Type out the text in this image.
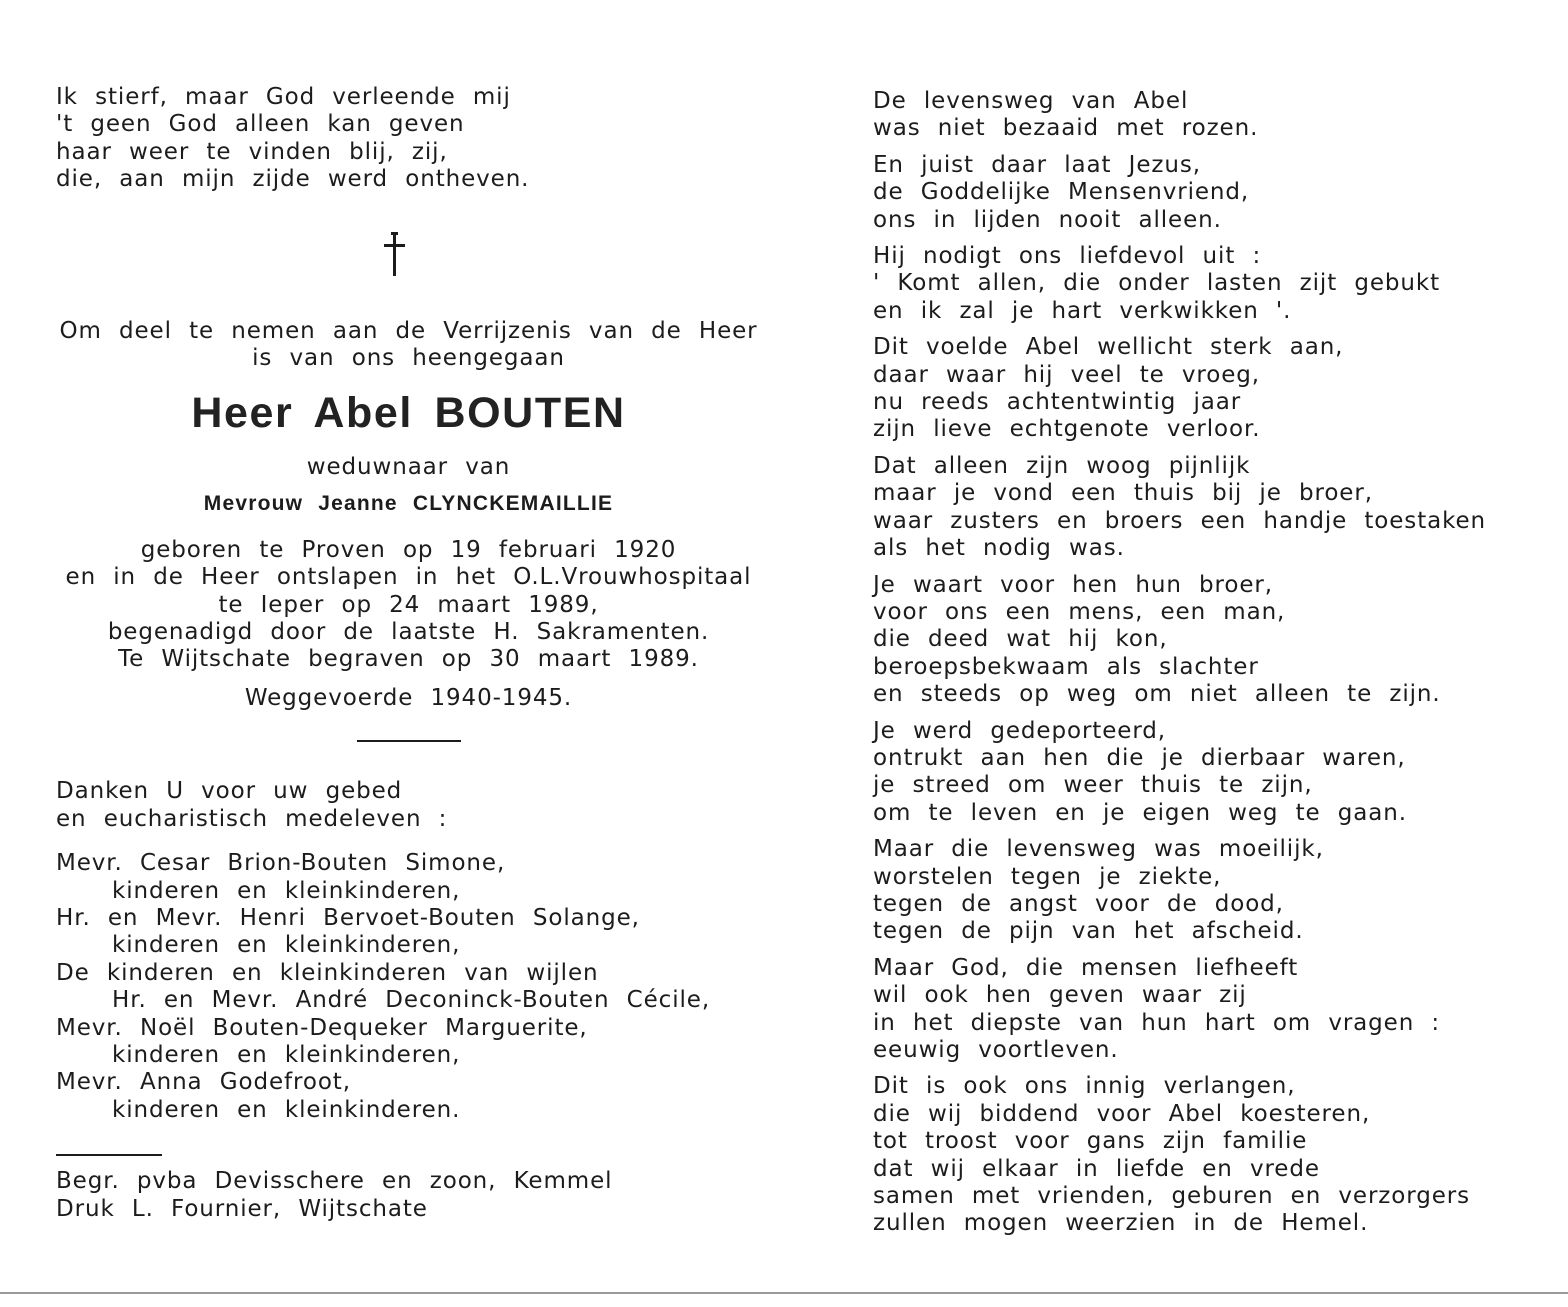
Ik stierf, maar God verleende mij
't geen God alleen kan geven
haar weer te vinden blij, zij,
die, aan mijn zijde werd ontheven.
Om deel te nemen aan de Verrijzenis van de Heer
is van ons heengegaan
Heer Abel BOUTEN
weduwnaar van
Mevrouw Jeanne CLYNCKEMAILLIE
geboren te Proven op 19 februari 1920
en in de Heer ontslapen in het O.L.Vrouwhospitaal
te Ieper op 24 maart 1989,
begenadigd door de laatste H. Sakramenten.
Te Wijtschate begraven op 30 maart 1989.
Weggevoerde 1940-1945.
Danken U voor uw gebed
en eucharistisch medeleven :
Mevr. Cesar Brion-Bouten Simone,
kinderen en kleinkinderen,
Hr. en Mevr. Henri Bervoet-Bouten Solange,
kinderen en kleinkinderen,
De kinderen en kleinkinderen van wijlen
Hr. en Mevr. André Deconinck-Bouten Cécile,
Mevr. Noël Bouten-Dequeker Marguerite,
kinderen en kleinkinderen,
Mevr. Anna Godefroot,
kinderen en kleinkinderen.
Begr. pvba Devisschere en zoon, Kemmel
Druk L. Fournier, Wijtschate
De levensweg van Abel
was niet bezaaid met rozen.
En juist daar laat Jezus,
de Goddelijke Mensenvriend,
ons in lijden nooit alleen.
Hij nodigt ons liefdevol uit :
' Komt allen, die onder lasten zijt gebukt
en ik zal je hart verkwikken '.
Dit voelde Abel wellicht sterk aan,
daar waar hij veel te vroeg,
nu reeds achtentwintig jaar
zijn lieve echtgenote verloor.
Dat alleen zijn woog pijnlijk
maar je vond een thuis bij je broer,
waar zusters en broers een handje toestaken
als het nodig was.
Je waart voor hen hun broer,
voor ons een mens, een man,
die deed wat hij kon,
beroepsbekwaam als slachter
en steeds op weg om niet alleen te zijn.
Je werd gedeporteerd,
ontrukt aan hen die je dierbaar waren,
je streed om weer thuis te zijn,
om te leven en je eigen weg te gaan.
Maar die levensweg was moeilijk,
worstelen tegen je ziekte,
tegen de angst voor de dood,
tegen de pijn van het afscheid.
Maar God, die mensen liefheeft
wil ook hen geven waar zij
in het diepste van hun hart om vragen :
eeuwig voortleven.
Dit is ook ons innig verlangen,
die wij biddend voor Abel koesteren,
tot troost voor gans zijn familie
dat wij elkaar in liefde en vrede
samen met vrienden, geburen en verzorgers
zullen mogen weerzien in de Hemel.
